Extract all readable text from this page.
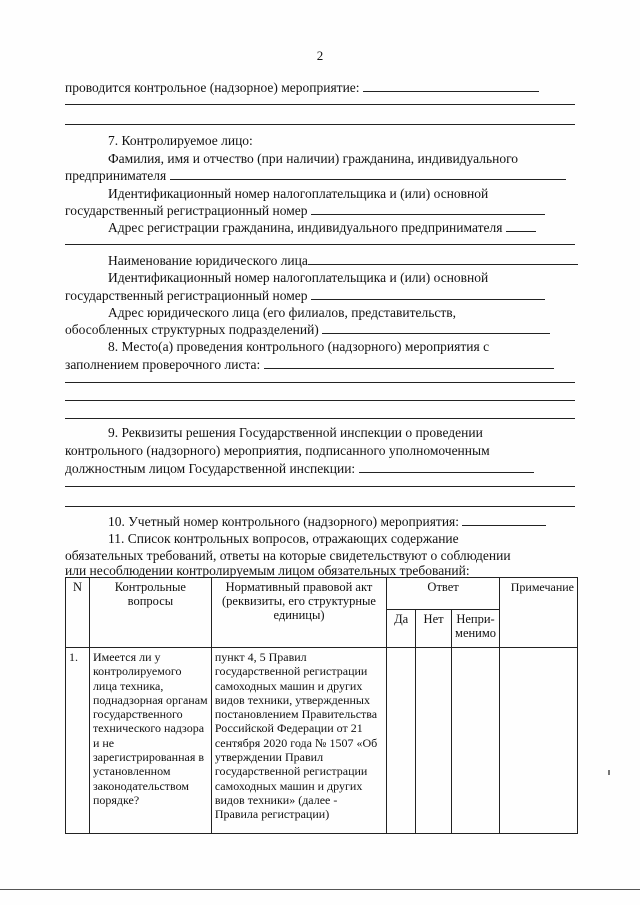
2
проводится контрольное (надзорное) мероприятие:
7. Контролируемое лицо:
Фамилия, имя и отчество (при наличии) гражданина, индивидуального
предпринимателя
Идентификационный номер налогоплательщика и (или) основной
государственный регистрационный номер
Адрес регистрации гражданина, индивидуального предпринимателя
Наименование юридического лица
Идентификационный номер налогоплательщика и (или) основной
государственный регистрационный номер
Адрес юридического лица (его филиалов, представительств,
обособленных структурных подразделений)
8. Место(а) проведения контрольного (надзорного) мероприятия с
заполнением проверочного листа:
9. Реквизиты решения Государственной инспекции о проведении
контрольного (надзорного) мероприятия, подписанного уполномоченным
должностным лицом Государственной инспекции:
10. Учетный номер контрольного (надзорного) мероприятия:
11. Список контрольных вопросов, отражающих содержание
обязательных требований, ответы на которые свидетельствуют о соблюдении
или несоблюдении контролируемым лицом обязательных требований:
N	Контрольные вопросы	Нормативный правовой акт (реквизиты, его структурные единицы)	Ответ			Примечание
			Да	Нет	Непри-менимо	
1.	Имеется ли у контролируемого лица техника, поднадзорная органам государственного технического надзора и не зарегистрированная в установленном законодательством порядке?	пункт 4, 5 Правил государственной регистрации самоходных машин и других видов техники, утвержденных постановлением Правительства Российской Федерации от 21 сентября 2020 года № 1507 «Об утверждении Правил государственной регистрации самоходных машин и других видов техники» (далее - Правила регистрации)				
